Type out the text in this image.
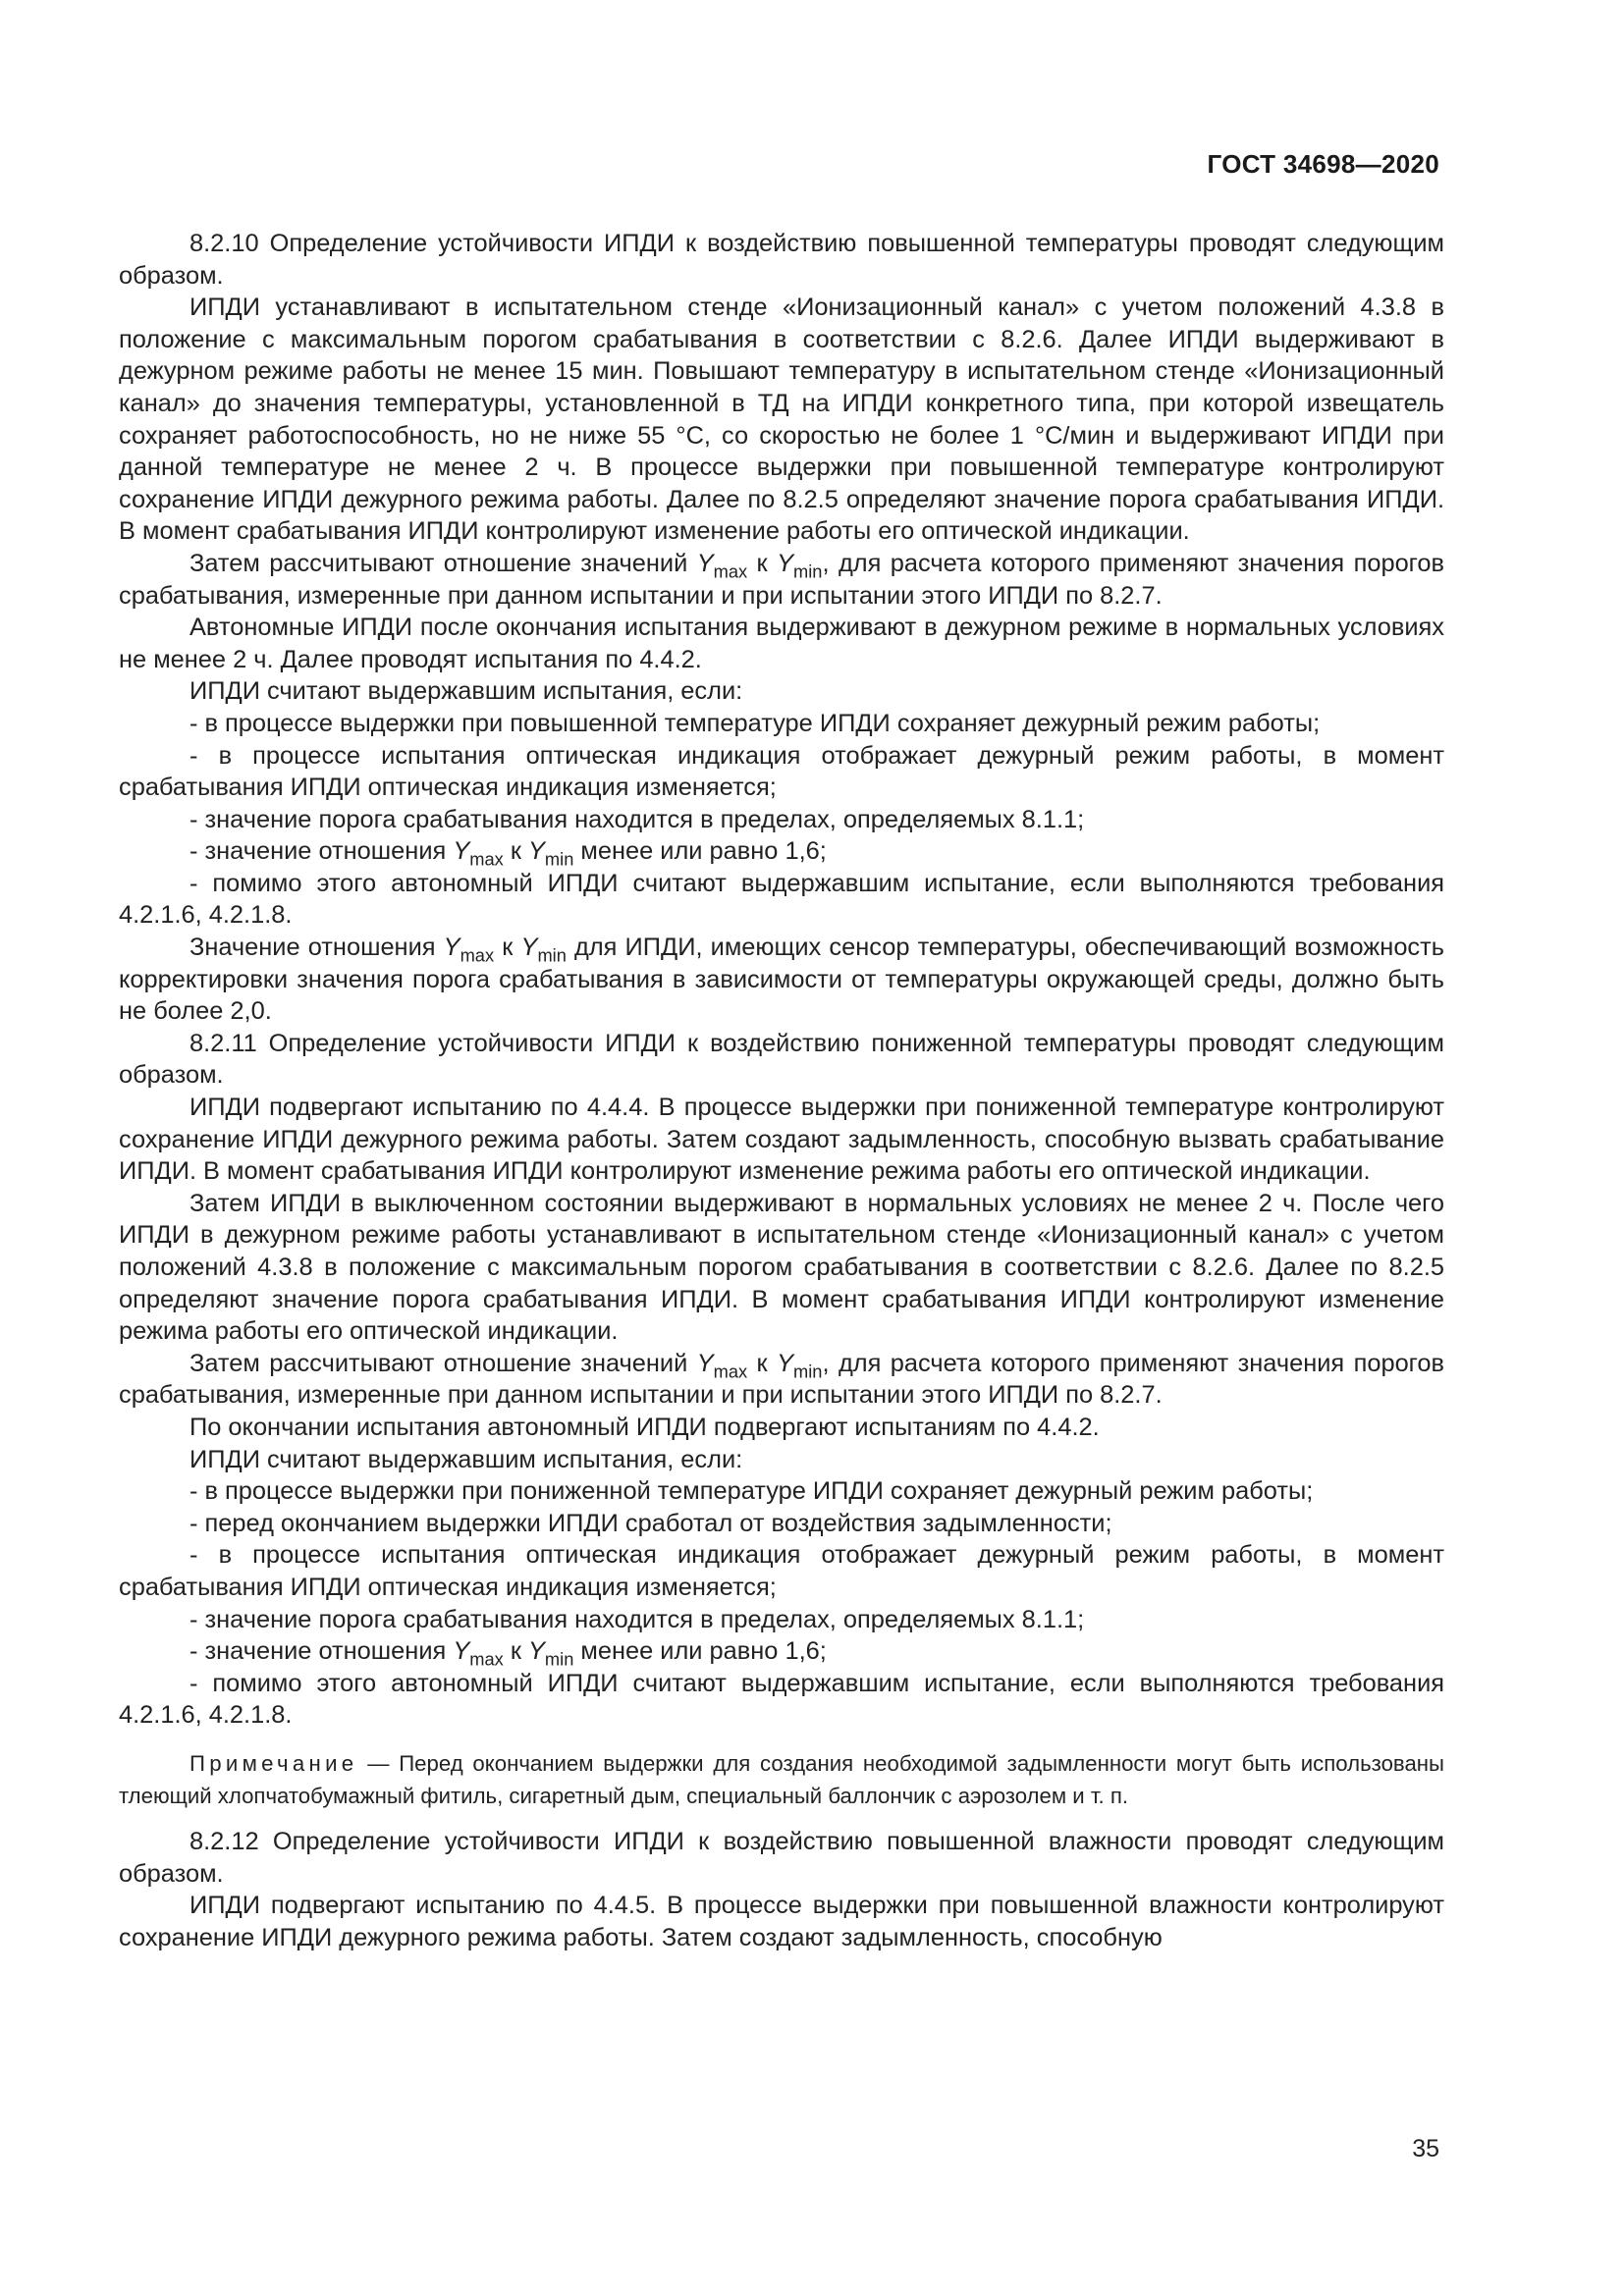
ГОСТ 34698—2020

8.2.10 Определение устойчивости ИПДИ к воздействию повышенной температуры проводят следующим образом.

ИПДИ устанавливают в испытательном стенде «Ионизационный канал» с учетом положений 4.3.8 в положение с максимальным порогом срабатывания в соответствии с 8.2.6. Далее ИПДИ выдерживают в дежурном режиме работы не менее 15 мин. Повышают температуру в испытательном стенде «Ионизационный канал» до значения температуры, установленной в ТД на ИПДИ конкретного типа, при которой извещатель сохраняет работоспособность, но не ниже 55 °С, со скоростью не более 1 °С/мин и выдерживают ИПДИ при данной температуре не менее 2 ч. В процессе выдержки при повышенной температуре контролируют сохранение ИПДИ дежурного режима работы. Далее по 8.2.5 определяют значение порога срабатывания ИПДИ. В момент срабатывания ИПДИ контролируют изменение работы его оптической индикации.

Затем рассчитывают отношение значений $Y_{max}$ к $Y_{min}$, для расчета которого применяют значения порогов срабатывания, измеренные при данном испытании и при испытании этого ИПДИ по 8.2.7.

Автономные ИПДИ после окончания испытания выдерживают в дежурном режиме в нормальных условиях не менее 2 ч. Далее проводят испытания по 4.4.2.

ИПДИ считают выдержавшим испытания, если:

- в процессе выдержки при повышенной температуре ИПДИ сохраняет дежурный режим работы;

- в процессе испытания оптическая индикация отображает дежурный режим работы, в момент срабатывания ИПДИ оптическая индикация изменяется;

- значение порога срабатывания находится в пределах, определяемых 8.1.1;

- значение отношения $Y_{max}$ к $Y_{min}$ менее или равно 1,6;

- помимо этого автономный ИПДИ считают выдержавшим испытание, если выполняются требования 4.2.1.6, 4.2.1.8.

Значение отношения $Y_{max}$ к $Y_{min}$ для ИПДИ, имеющих сенсор температуры, обеспечивающий возможность корректировки значения порога срабатывания в зависимости от температуры окружающей среды, должно быть не более 2,0.

8.2.11 Определение устойчивости ИПДИ к воздействию пониженной температуры проводят следующим образом.

ИПДИ подвергают испытанию по 4.4.4. В процессе выдержки при пониженной температуре контролируют сохранение ИПДИ дежурного режима работы. Затем создают задымленность, способную вызвать срабатывание ИПДИ. В момент срабатывания ИПДИ контролируют изменение режима работы его оптической индикации.

Затем ИПДИ в выключенном состоянии выдерживают в нормальных условиях не менее 2 ч. После чего ИПДИ в дежурном режиме работы устанавливают в испытательном стенде «Ионизационный канал» с учетом положений 4.3.8 в положение с максимальным порогом срабатывания в соответствии с 8.2.6. Далее по 8.2.5 определяют значение порога срабатывания ИПДИ. В момент срабатывания ИПДИ контролируют изменение режима работы его оптической индикации.

Затем рассчитывают отношение значений $Y_{max}$ к $Y_{min}$, для расчета которого применяют значения порогов срабатывания, измеренные при данном испытании и при испытании этого ИПДИ по 8.2.7.

По окончании испытания автономный ИПДИ подвергают испытаниям по 4.4.2.

ИПДИ считают выдержавшим испытания, если:

- в процессе выдержки при пониженной температуре ИПДИ сохраняет дежурный режим работы;

- перед окончанием выдержки ИПДИ сработал от воздействия задымленности;

- в процессе испытания оптическая индикация отображает дежурный режим работы, в момент срабатывания ИПДИ оптическая индикация изменяется;

- значение порога срабатывания находится в пределах, определяемых 8.1.1;

- значение отношения $Y_{max}$ к $Y_{min}$ менее или равно 1,6;

- помимо этого автономный ИПДИ считают выдержавшим испытание, если выполняются требования 4.2.1.6, 4.2.1.8.

Примечание — Перед окончанием выдержки для создания необходимой задымленности могут быть использованы тлеющий хлопчатобумажный фитиль, сигаретный дым, специальный баллончик с аэрозолем и т. п.

8.2.12 Определение устойчивости ИПДИ к воздействию повышенной влажности проводят следующим образом.

ИПДИ подвергают испытанию по 4.4.5. В процессе выдержки при повышенной влажности контролируют сохранение ИПДИ дежурного режима работы. Затем создают задымленность, способную

35
